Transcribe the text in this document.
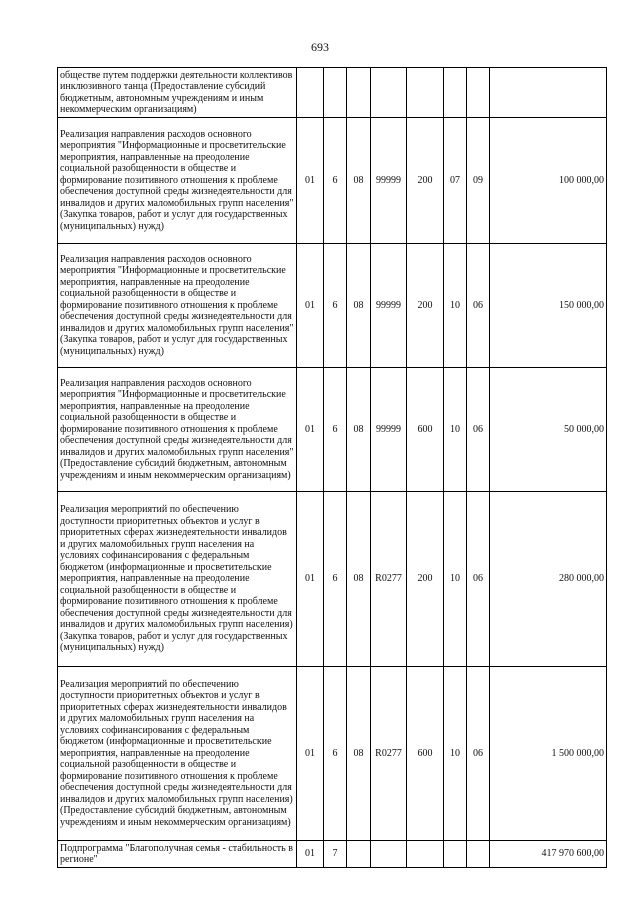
693
обществе путем поддержки деятельности коллективов инклюзивного танца (Предоставление субсидий бюджетным, автономным учреждениям и иным некоммерческим организациям)								
Реализация направления расходов основного мероприятия "Информационные и просветительские мероприятия, направленные на преодоление социальной разобщенности в обществе и формирование позитивного отношения к проблеме обеспечения доступной среды жизнедеятельности для инвалидов и других маломобильных групп населения" (Закупка товаров, работ и услуг для государственных (муниципальных) нужд)	01	6	08	99999	200	07	09	100 000,00
Реализация направления расходов основного мероприятия "Информационные и просветительские мероприятия, направленные на преодоление социальной разобщенности в обществе и формирование позитивного отношения к проблеме обеспечения доступной среды жизнедеятельности для инвалидов и других маломобильных групп населения" (Закупка товаров, работ и услуг для государственных (муниципальных) нужд)	01	6	08	99999	200	10	06	150 000,00
Реализация направления расходов основного мероприятия "Информационные и просветительские мероприятия, направленные на преодоление социальной разобщенности в обществе и формирование позитивного отношения к проблеме обеспечения доступной среды жизнедеятельности для инвалидов и других маломобильных групп населения" (Предоставление субсидий бюджетным, автономным учреждениям и иным некоммерческим организациям)	01	6	08	99999	600	10	06	50 000,00
Реализация мероприятий по обеспечению доступности приоритетных объектов и услуг в приоритетных сферах жизнедеятельности инвалидов и других маломобильных групп населения на условиях софинансирования с федеральным бюджетом (информационные и просветительские мероприятия, направленные на преодоление социальной разобщенности в обществе и формирование позитивного отношения к проблеме обеспечения доступной среды жизнедеятельности для инвалидов и других маломобильных групп населения) (Закупка товаров, работ и услуг для государственных (муниципальных) нужд)	01	6	08	R0277	200	10	06	280 000,00
Реализация мероприятий по обеспечению доступности приоритетных объектов и услуг в приоритетных сферах жизнедеятельности инвалидов и других маломобильных групп населения на условиях софинансирования с федеральным бюджетом (информационные и просветительские мероприятия, направленные на преодоление социальной разобщенности в обществе и формирование позитивного отношения к проблеме обеспечения доступной среды жизнедеятельности для инвалидов и других маломобильных групп населения) (Предоставление субсидий бюджетным, автономным учреждениям и иным некоммерческим организациям)	01	6	08	R0277	600	10	06	1 500 000,00
Подпрограмма "Благополучная семья - стабильность в регионе"	01	7						417 970 600,00
